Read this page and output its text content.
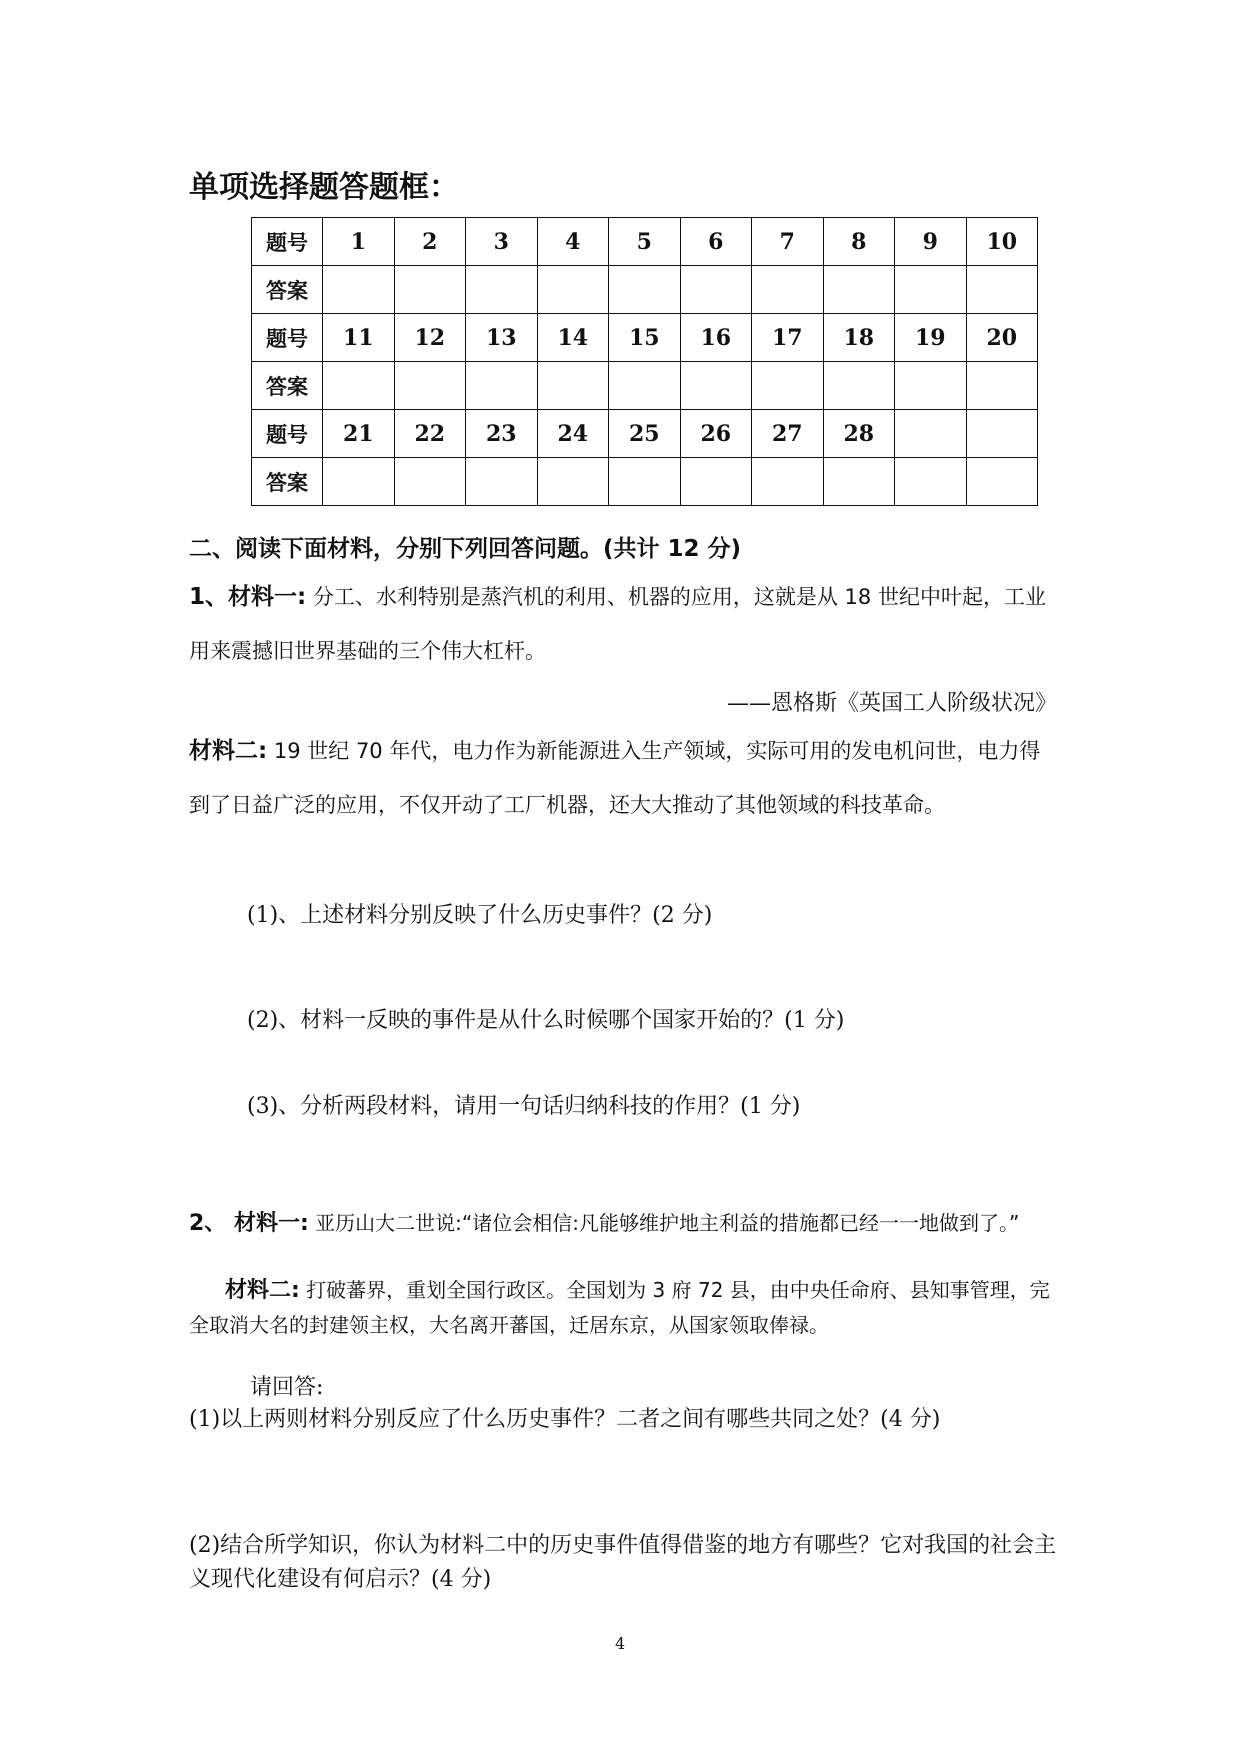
单项选择题答题框：
题号	1	2	3	4	5	6	7	8	9	10
答案										
题号	11	12	13	14	15	16	17	18	19	20
答案										
题号	21	22	23	24	25	26	27	28		
答案										
二、阅读下面材料，分别下列回答问题。(共计 12 分)
1、材料一: 分工、水利特别是蒸汽机的利用、机器的应用，这就是从 18 世纪中叶起，工业用来震撼旧世界基础的三个伟大杠杆。
——恩格斯《英国工人阶级状况》
材料二: 19 世纪 70 年代，电力作为新能源进入生产领域，实际可用的发电机问世，电力得到了日益广泛的应用，不仅开动了工厂机器，还大大推动了其他领域的科技革命。
(1)、上述材料分别反映了什么历史事件？(2 分)
(2)、材料一反映的事件是从什么时候哪个国家开始的？(1 分)
(3)、分析两段材料，请用一句话归纳科技的作用？(1 分)
2、 材料一: 亚历山大二世说:“诸位会相信:凡能够维护地主利益的措施都已经一一地做到了。”
材料二: 打破蕃界，重划全国行政区。全国划为 3 府 72 县，由中央任命府、县知事管理，完全取消大名的封建领主权，大名离开蕃国，迁居东京，从国家领取俸禄。
请回答:
(1)以上两则材料分别反应了什么历史事件？二者之间有哪些共同之处？(4 分)
(2)结合所学知识，你认为材料二中的历史事件值得借鉴的地方有哪些？它对我国的社会主义现代化建设有何启示？(4 分)
4
